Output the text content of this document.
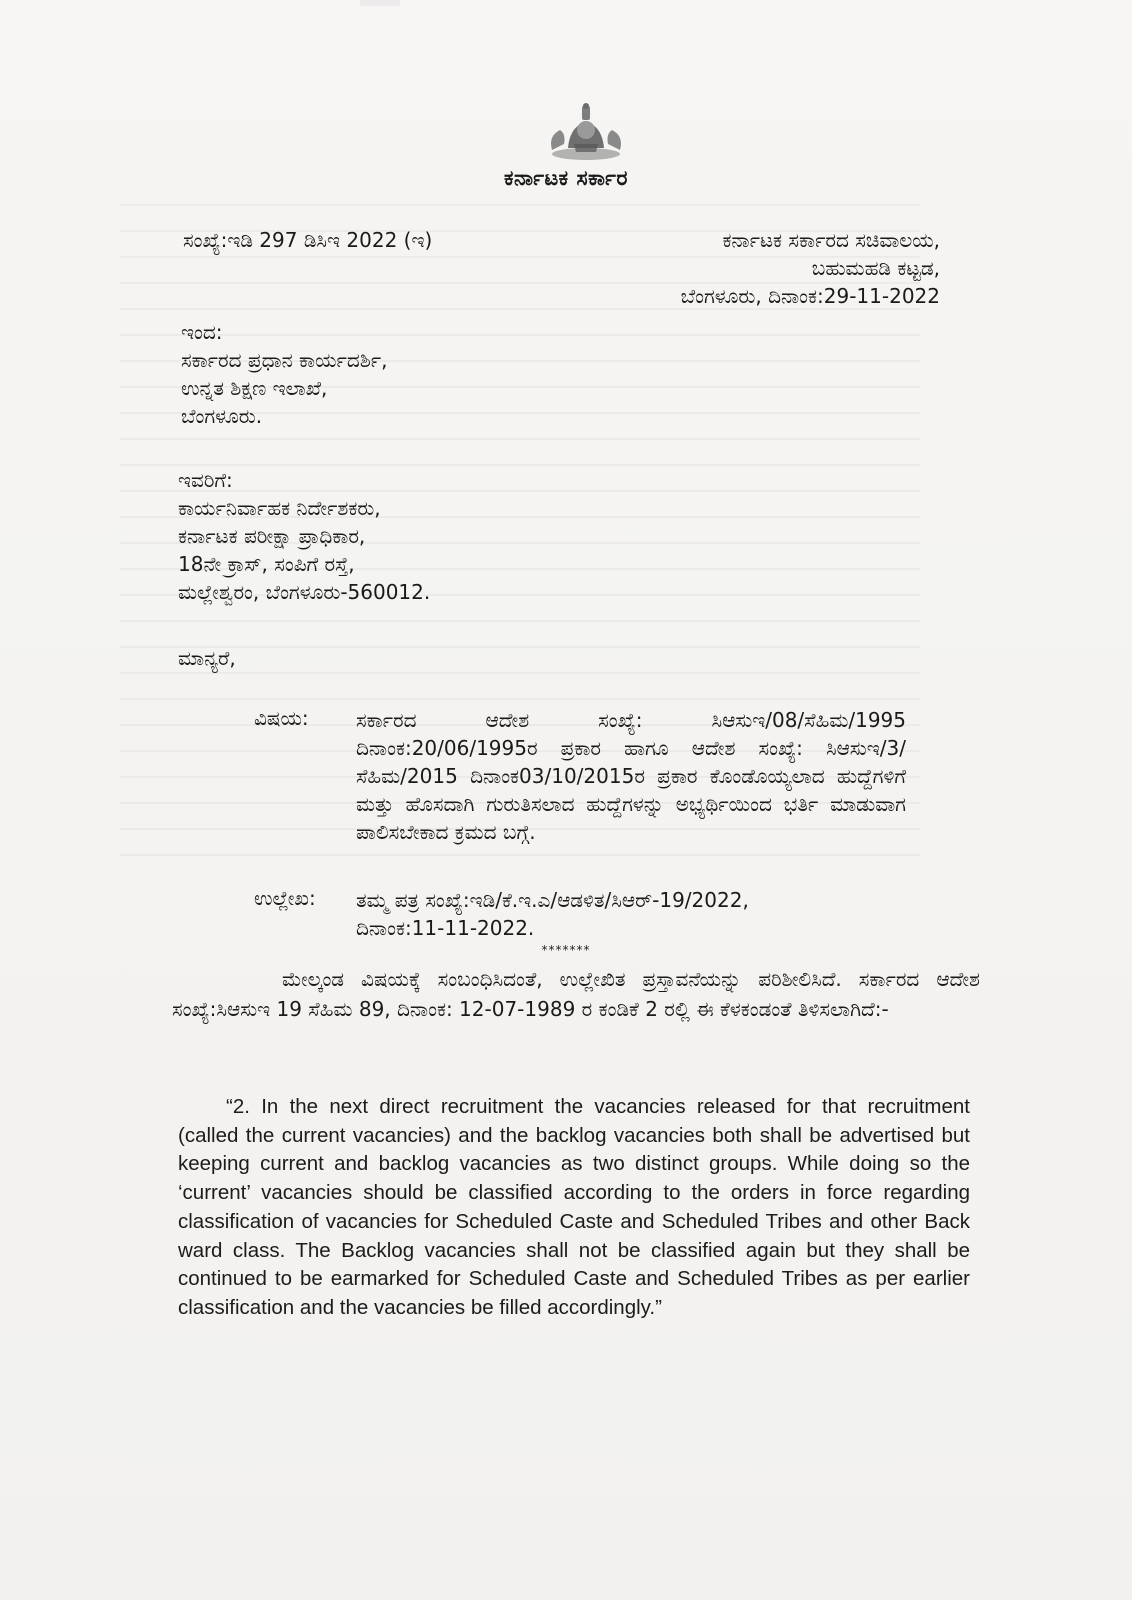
ಕರ್ನಾಟಕ ಸರ್ಕಾರ
ಸಂಖ್ಯೆ:ಇಡಿ 297 ಡಿಸಿಇ 2022 (ಇ)	ಕರ್ನಾಟಕ ಸರ್ಕಾರದ ಸಚಿವಾಲಯ,
ಬಹುಮಹಡಿ ಕಟ್ಟಡ,
ಬೆಂಗಳೂರು, ದಿನಾಂಕ:29-11-2022
ಇಂದ:
ಸರ್ಕಾರದ ಪ್ರಧಾನ ಕಾರ್ಯದರ್ಶಿ,
ಉನ್ನತ ಶಿಕ್ಷಣ ಇಲಾಖೆ,
ಬೆಂಗಳೂರು.
ಇವರಿಗೆ:
ಕಾರ್ಯನಿರ್ವಾಹಕ ನಿರ್ದೇಶಕರು,
ಕರ್ನಾಟಕ ಪರೀಕ್ಷಾ ಪ್ರಾಧಿಕಾರ,
18ನೇ ಕ್ರಾಸ್, ಸಂಪಿಗೆ ರಸ್ತೆ,
ಮಲ್ಲೇಶ್ವರಂ, ಬೆಂಗಳೂರು-560012.
ಮಾನ್ಯರೆ,
ವಿಷಯ: ಸರ್ಕಾರದ ಆದೇಶ ಸಂಖ್ಯೆ: ಸಿಆಸುಇ/08/ಸೆಹಿಮ/1995 ದಿನಾಂಕ:20/06/1995ರ ಪ್ರಕಾರ ಹಾಗೂ ಆದೇಶ ಸಂಖ್ಯೆ: ಸಿಆಸುಇ/3/ಸೆಹಿಮ/2015 ದಿನಾಂಕ03/10/2015ರ ಪ್ರಕಾರ ಕೊಂಡೊಯ್ಯಲಾದ ಹುದ್ದೆಗಳಿಗೆ ಮತ್ತು ಹೊಸದಾಗಿ ಗುರುತಿಸಲಾದ ಹುದ್ದೆಗಳನ್ನು ಅಭ್ಯರ್ಥಿಯಿಂದ ಭರ್ತಿ ಮಾಡುವಾಗ ಪಾಲಿಸಬೇಕಾದ ಕ್ರಮದ ಬಗ್ಗೆ.
ಉಲ್ಲೇಖ: ತಮ್ಮ ಪತ್ರ ಸಂಖ್ಯೆ:ಇಡಿ/ಕೆ.ಇ.ಎ/ಆಡಳಿತ/ಸಿಆರ್-19/2022,
ದಿನಾಂಕ:11-11-2022.
*******
ಮೇಲ್ಕಂಡ ವಿಷಯಕ್ಕೆ ಸಂಬಂಧಿಸಿದಂತೆ, ಉಲ್ಲೇಖಿತ ಪ್ರಸ್ತಾವನೆಯನ್ನು ಪರಿಶೀಲಿಸಿದೆ. ಸರ್ಕಾರದ ಆದೇಶ ಸಂಖ್ಯೆ:ಸಿಆಸುಇ 19 ಸೆಹಿಮ 89, ದಿನಾಂಕ: 12-07-1989 ರ ಕಂಡಿಕೆ 2 ರಲ್ಲಿ ಈ ಕೆಳಕಂಡಂತೆ ತಿಳಿಸಲಾಗಿದೆ:-
“2. In the next direct recruitment the vacancies released for that recruitment (called the current vacancies) and the backlog vacancies both shall be advertised but keeping current and backlog vacancies as two distinct groups. While doing so the ‘current’ vacancies should be classified according to the orders in force regarding classification of vacancies for Scheduled Caste and Scheduled Tribes and other Back ward class. The Backlog vacancies shall not be classified again but they shall be continued to be earmarked for Scheduled Caste and Scheduled Tribes as per earlier classification and the vacancies be filled accordingly.”
